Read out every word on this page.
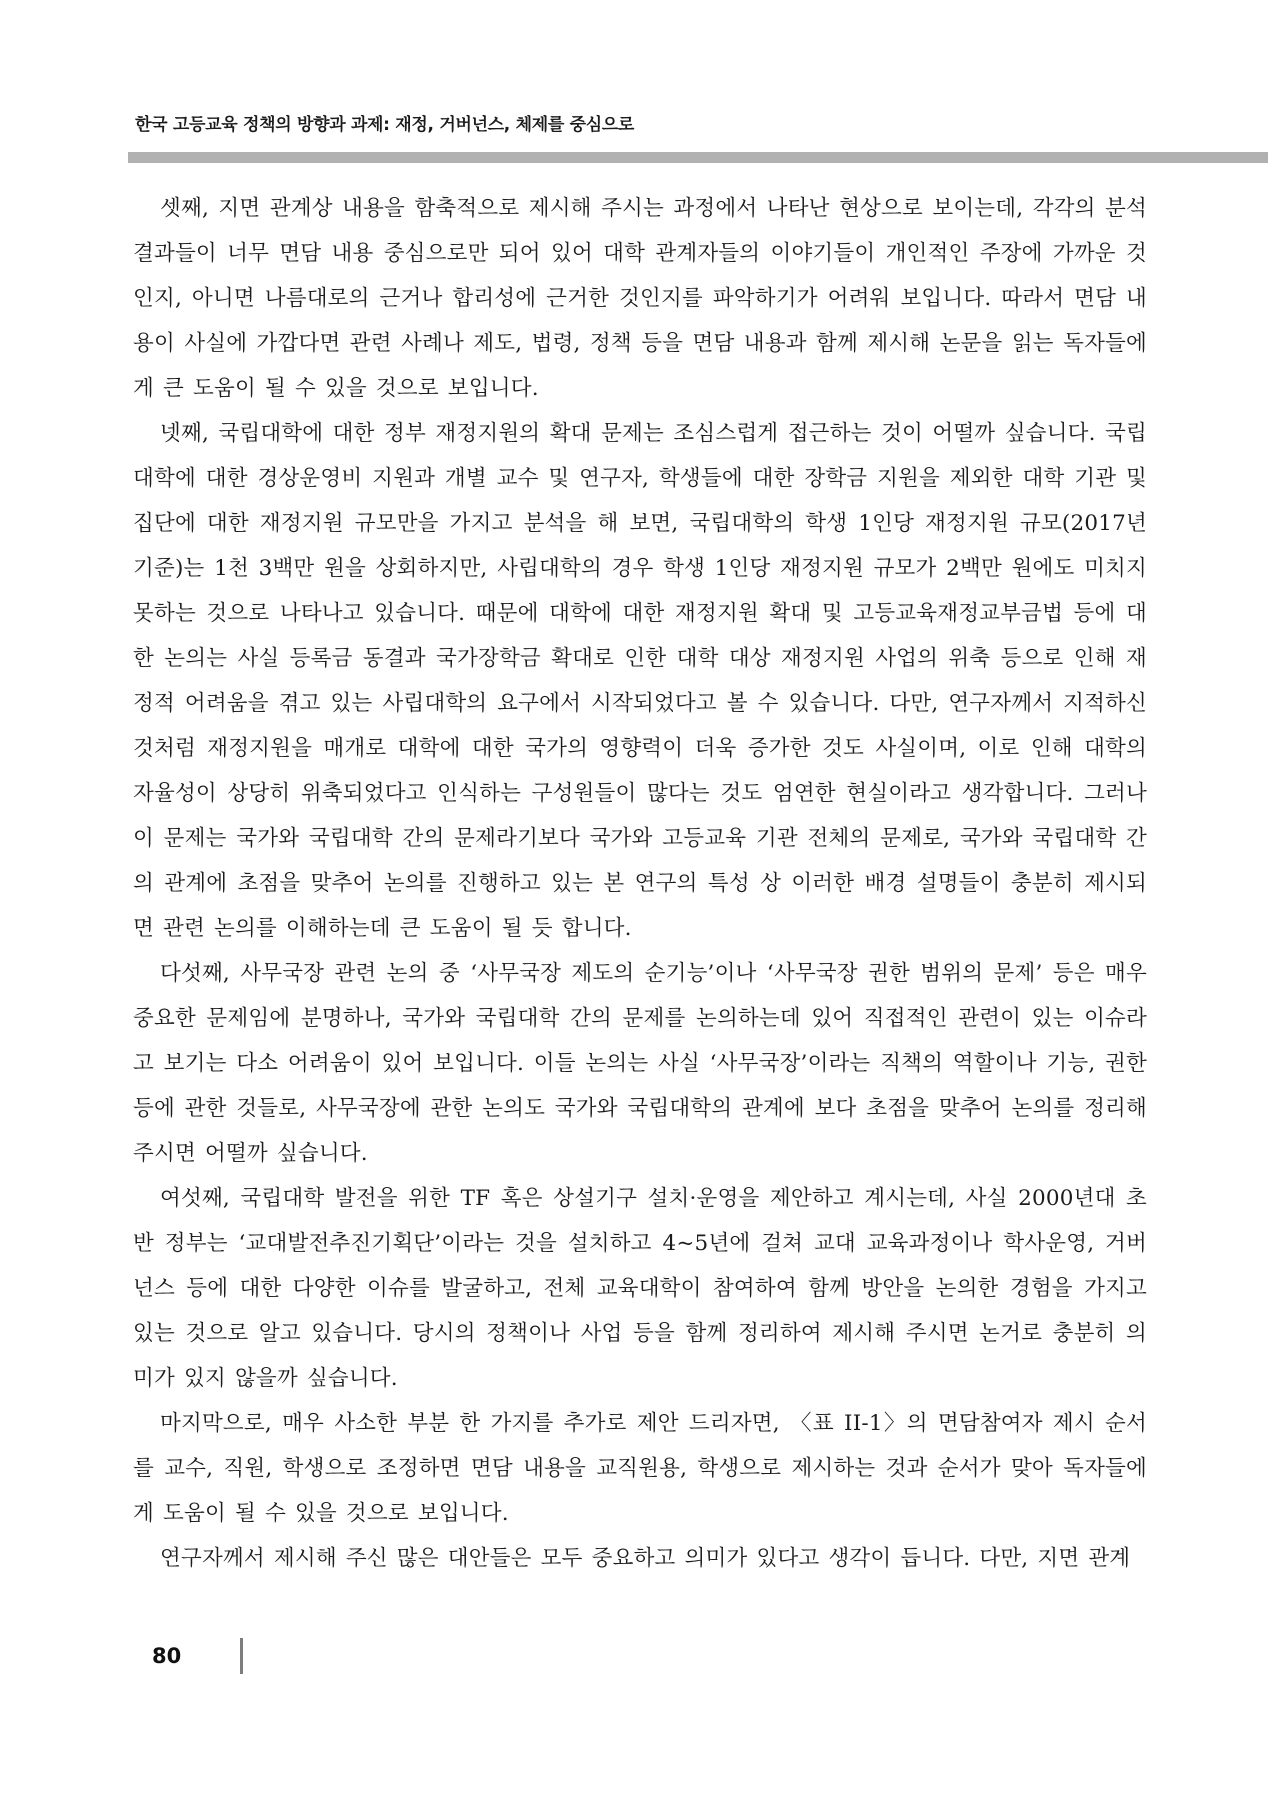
한국 고등교육 정책의 방향과 과제: 재정, 거버넌스, 체제를 중심으로

셋째, 지면 관계상 내용을 함축적으로 제시해 주시는 과정에서 나타난 현상으로 보이는데, 각각의 분석 결과들이 너무 면담 내용 중심으로만 되어 있어 대학 관계자들의 이야기들이 개인적인 주장에 가까운 것인지, 아니면 나름대로의 근거나 합리성에 근거한 것인지를 파악하기가 어려워 보입니다. 따라서 면담 내용이 사실에 가깝다면 관련 사례나 제도, 법령, 정책 등을 면담 내용과 함께 제시해 논문을 읽는 독자들에게 큰 도움이 될 수 있을 것으로 보입니다.

넷째, 국립대학에 대한 정부 재정지원의 확대 문제는 조심스럽게 접근하는 것이 어떨까 싶습니다. 국립대학에 대한 경상운영비 지원과 개별 교수 및 연구자, 학생들에 대한 장학금 지원을 제외한 대학 기관 및 집단에 대한 재정지원 규모만을 가지고 분석을 해 보면, 국립대학의 학생 1인당 재정지원 규모(2017년 기준)는 1천 3백만 원을 상회하지만, 사립대학의 경우 학생 1인당 재정지원 규모가 2백만 원에도 미치지 못하는 것으로 나타나고 있습니다. 때문에 대학에 대한 재정지원 확대 및 고등교육재정교부금법 등에 대한 논의는 사실 등록금 동결과 국가장학금 확대로 인한 대학 대상 재정지원 사업의 위축 등으로 인해 재정적 어려움을 겪고 있는 사립대학의 요구에서 시작되었다고 볼 수 있습니다. 다만, 연구자께서 지적하신 것처럼 재정지원을 매개로 대학에 대한 국가의 영향력이 더욱 증가한 것도 사실이며, 이로 인해 대학의 자율성이 상당히 위축되었다고 인식하는 구성원들이 많다는 것도 엄연한 현실이라고 생각합니다. 그러나 이 문제는 국가와 국립대학 간의 문제라기보다 국가와 고등교육 기관 전체의 문제로, 국가와 국립대학 간의 관계에 초점을 맞추어 논의를 진행하고 있는 본 연구의 특성 상 이러한 배경 설명들이 충분히 제시되면 관련 논의를 이해하는데 큰 도움이 될 듯 합니다.

다섯째, 사무국장 관련 논의 중 ‘사무국장 제도의 순기능’이나 ‘사무국장 권한 범위의 문제’ 등은 매우 중요한 문제임에 분명하나, 국가와 국립대학 간의 문제를 논의하는데 있어 직접적인 관련이 있는 이슈라고 보기는 다소 어려움이 있어 보입니다. 이들 논의는 사실 ‘사무국장’이라는 직책의 역할이나 기능, 권한 등에 관한 것들로, 사무국장에 관한 논의도 국가와 국립대학의 관계에 보다 초점을 맞추어 논의를 정리해 주시면 어떨까 싶습니다.

여섯째, 국립대학 발전을 위한 TF 혹은 상설기구 설치·운영을 제안하고 계시는데, 사실 2000년대 초반 정부는 ‘교대발전추진기획단’이라는 것을 설치하고 4~5년에 걸쳐 교대 교육과정이나 학사운영, 거버넌스 등에 대한 다양한 이슈를 발굴하고, 전체 교육대학이 참여하여 함께 방안을 논의한 경험을 가지고 있는 것으로 알고 있습니다. 당시의 정책이나 사업 등을 함께 정리하여 제시해 주시면 논거로 충분히 의미가 있지 않을까 싶습니다.

마지막으로, 매우 사소한 부분 한 가지를 추가로 제안 드리자면, 〈표 II-1〉의 면담참여자 제시 순서를 교수, 직원, 학생으로 조정하면 면담 내용을 교직원용, 학생으로 제시하는 것과 순서가 맞아 독자들에게 도움이 될 수 있을 것으로 보입니다.

연구자께서 제시해 주신 많은 대안들은 모두 중요하고 의미가 있다고 생각이 듭니다. 다만, 지면 관계

80
